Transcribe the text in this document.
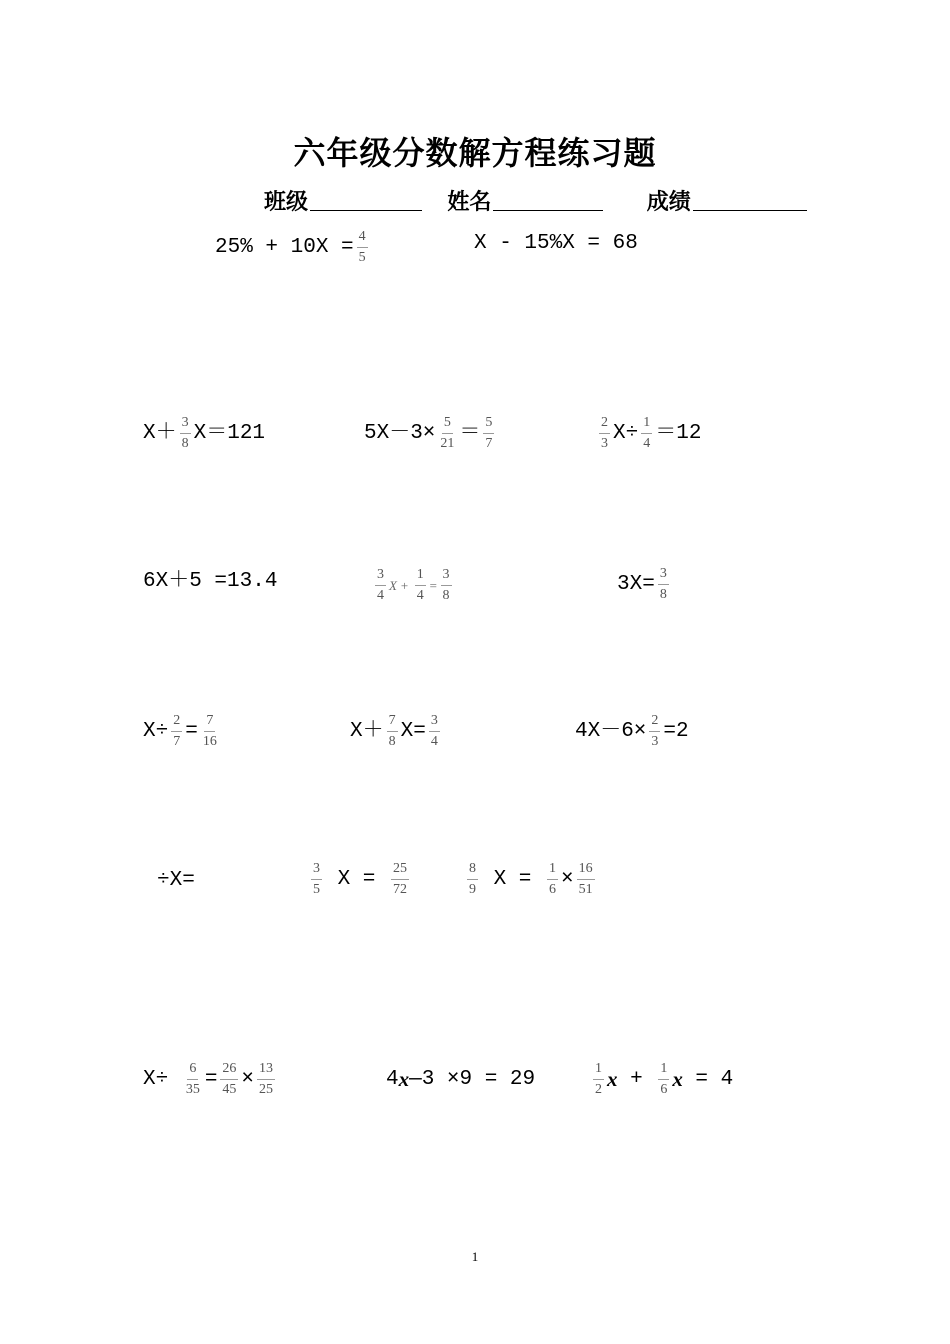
六年级分数解方程练习题
班级	姓名	成绩
$25\% + 10X = \frac{4}{5}$	X - 15%X = 68
$X+ \frac{3}{8} X=121$	$5X-3\times \frac{5}{21} = \frac{5}{7}$	$\frac{2}{3} X\div \frac{1}{4} =12$
6X＋5 =13.4	$\frac{3}{4}$ $X + \frac{1}{4} = \frac{3}{8}$	$3X= \frac{3}{8}$
$X\div \frac{2}{7} = \frac{7}{16}$	$X+ \frac{7}{8} X= \frac{3}{4}$	$4X-6\times \frac{2}{3} =2$
÷X=	$\frac{3}{5}$ $X = \frac{25}{72}$	$\frac{8}{9}$ $X = \frac{1}{6} \times \frac{16}{51}$
$X\div \frac{6}{35} = \frac{26}{45} \times \frac{13}{25}$	4 x —3 ×9 = 29	$\frac{1}{2}$ $x + \frac{1}{6}$ x = 4
1
